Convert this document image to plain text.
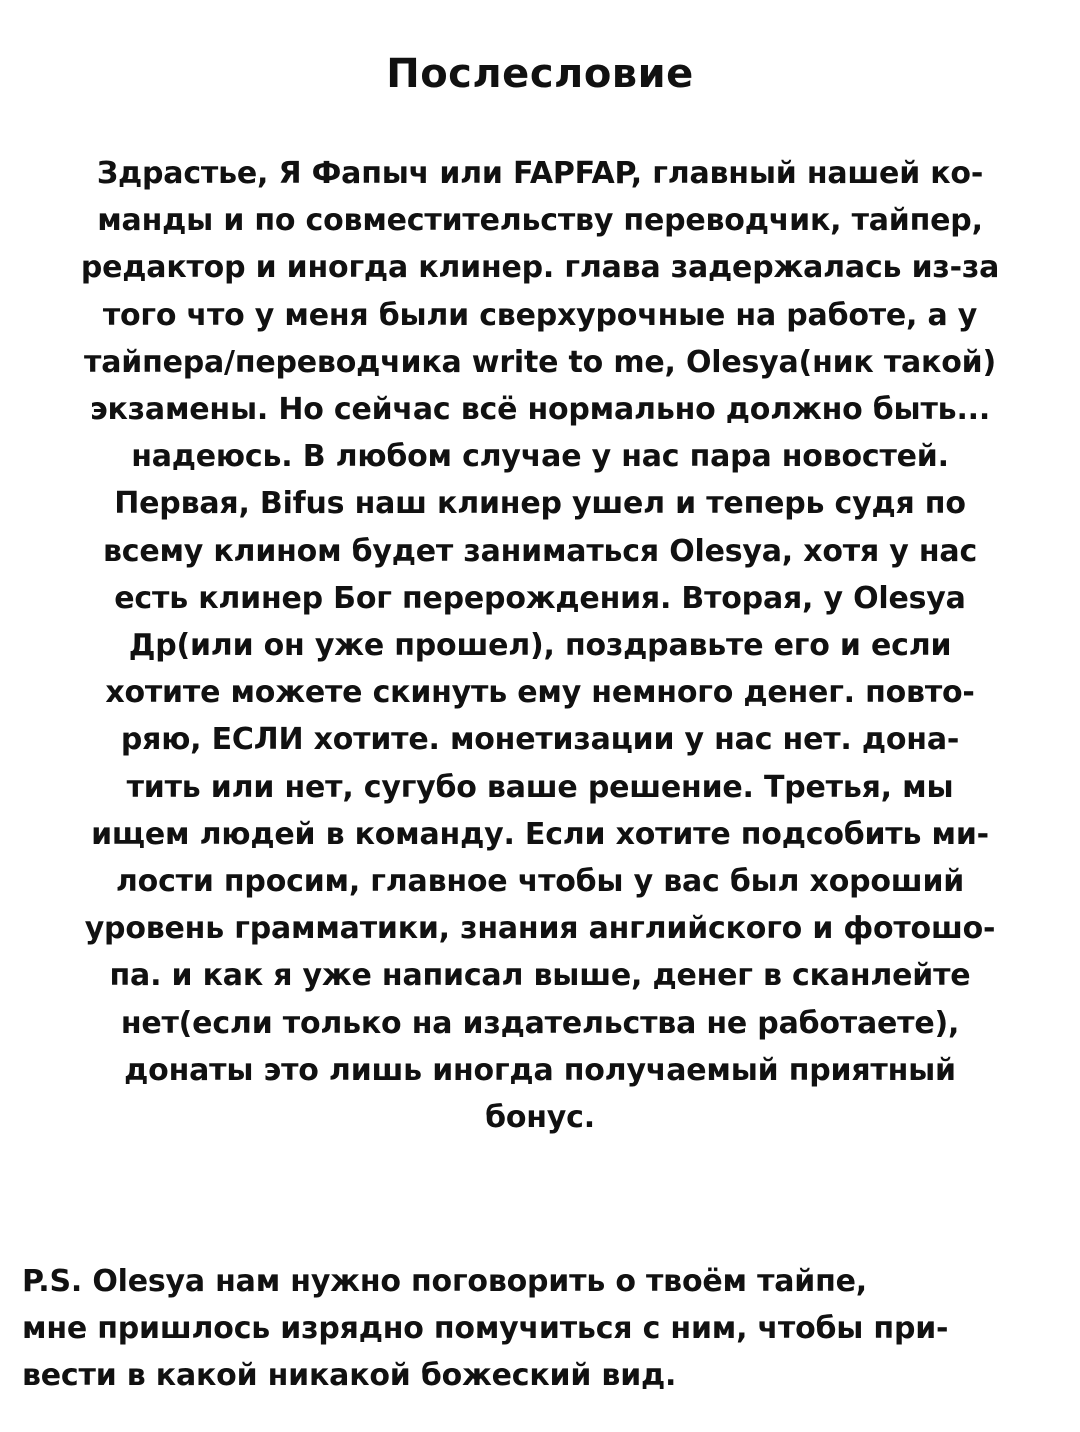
Послесловие
Здрастье, Я Фапыч или FAPFAP, главный нашей ко-
манды и по совместительству переводчик, тайпер,
редактор и иногда клинер. глава задержалась из-за
того что у меня были сверхурочные на работе, а у
тайпера/переводчика write to me, Olesya(ник такой)
экзамены. Но сейчас всё нормально должно быть...
надеюсь. В любом случае у нас пара новостей.
Первая, Bifus наш клинер ушел и теперь судя по
всему клином будет заниматься Olesya, хотя у нас
есть клинер Бог перерождения. Вторая, у Olesya
Др(или он уже прошел), поздравьте его и если
хотите можете скинуть ему немного денег. повто-
ряю, ЕСЛИ хотите. монетизации у нас нет. дона-
тить или нет, сугубо ваше решение. Третья, мы
ищем людей в команду. Если хотите подсобить ми-
лости просим, главное чтобы у вас был хороший
уровень грамматики, знания английского и фотошо-
па. и как я уже написал выше, денег в сканлейте
нет(если только на издательства не работаете),
донаты это лишь иногда получаемый приятный
бонус.
P.S. Olesya нам нужно поговорить о твоём тайпе,
мне пришлось изрядно помучиться с ним, чтобы при-
вести в какой никакой божеский вид.
